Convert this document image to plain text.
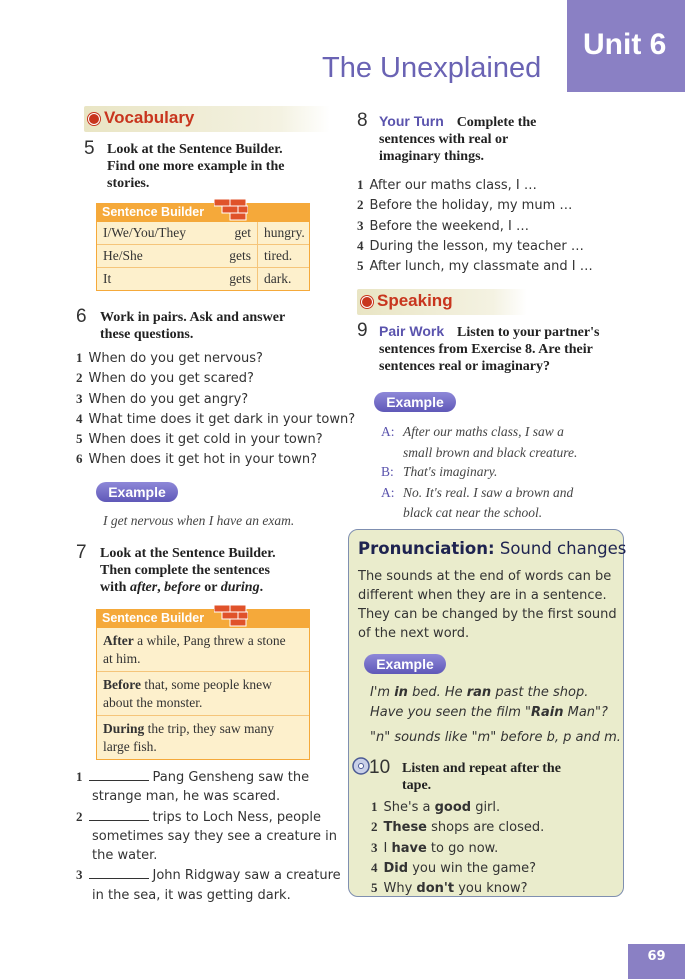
Unit 6
The Unexplained
Vocabulary
5 Look at the Sentence Builder.
Find one more example in the
stories.
Sentence Builder
I/We/You/They	get hungry.
He/She	gets tired.
It	gets dark.
6 Work in pairs. Ask and answer
these questions.
1 When do you get nervous?
2 When do you get scared?
3 When do you get angry?
4 What time does it get dark in your town?
5 When does it get cold in your town?
6 When does it get hot in your town?
Example
I get nervous when I have an exam.
7 Look at the Sentence Builder.
Then complete the sentences
with after, before or during.
Sentence Builder
After a while, Pang threw a stone
at him.
Before that, some people knew
about the monster.
During the trip, they saw many
large fish.
1	Pang Gensheng saw the
strange man, he was scared.
2	trips to Loch Ness, people
sometimes say they see a creature in
the water.
3	John Ridgway saw a creature
in the sea, it was getting dark.
8 Your Turn Complete the
sentences with real or
imaginary things.
1 After our maths class, I …
2 Before the holiday, my mum …
3 Before the weekend, I …
4 During the lesson, my teacher …
5 After lunch, my classmate and I …
Speaking
9 Pair Work Listen to your partner's
sentences from Exercise 8. Are their
sentences real or imaginary?
Example
A: After our maths class, I saw a
small brown and black creature.
B: That's imaginary.
A: No. It's real. I saw a brown and
black cat near the school.
Pronunciation: Sound changes
The sounds at the end of words can be
different when they are in a sentence.
They can be changed by the first sound
of the next word.
Example
I'm in bed. He ran past the shop.
Have you seen the film "Rain Man"?
"n" sounds like "m" before b, p and m.
10 Listen and repeat after the
tape.
1 She's a good girl.
2 These shops are closed.
3 I have to go now.
4 Did you win the game?
5 Why don't you know?
69
